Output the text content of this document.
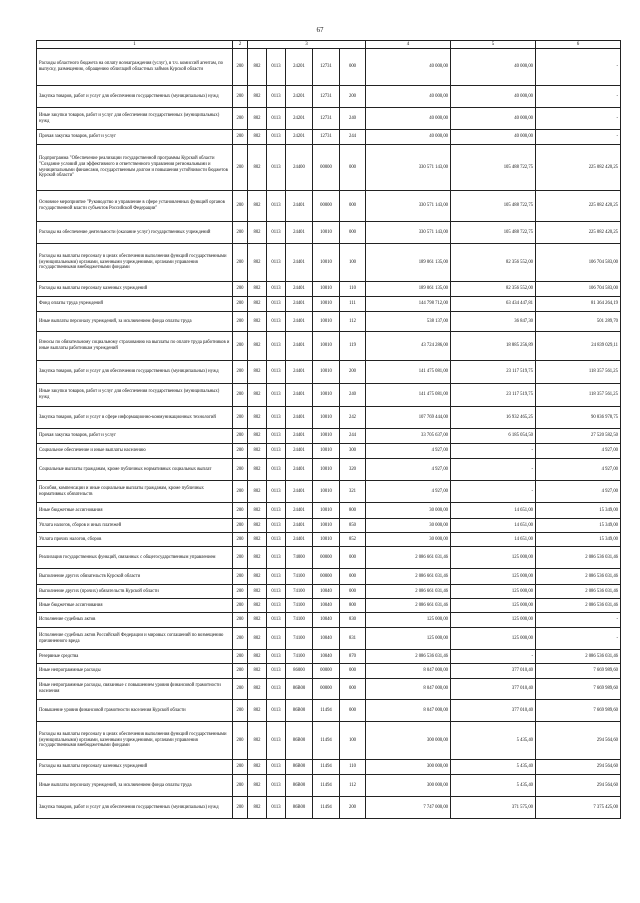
67
1	2	3					4	5	6
Расходы областного бюджета на оплату вознаграждения (услуг), в т.ч. комиссий агентам, по выпуску, размещению, обращению облигаций областных займов Курской области	200	802	0113	24201	12731	000	40 000,00	40 000,00	-
Закупка товаров, работ и услуг для обеспечения государственных (муниципальных) нужд	200	802	0113	24201	12731	200	40 000,00	40 000,00	-
Иные закупки товаров, работ и услуг для обеспечения государственных (муниципальных) нужд	200	802	0113	24201	12731	240	40 000,00	40 000,00	-
Прочая закупка товаров, работ и услуг	200	802	0113	24201	12731	244	40 000,00	40 000,00	-
Подпрограмма "Обеспечение реализации государственной программы Курской области "Создание условий для эффективного и ответственного управления региональными и муниципальными финансами, государственным долгом и повышения устойчивости бюджетов Курской области"	200	802	0113	24400	00000	000	330 571 143,00	105 488 722,75	225 082 420,25
Основное мероприятие "Руководство и управление в сфере установленных функций органов государственной власти субъектов Российской Федерации"	200	802	0113	24401	00000	000	330 571 143,00	105 488 722,75	225 082 420,25
Расходы на обеспечение деятельности (оказание услуг) государственных учреждений	200	802	0113	24401	10010	000	330 571 143,00	105 488 722,75	225 082 420,25
Расходы на выплаты персоналу в целях обеспечения выполнения функций государственными (муниципальными) органами, казенными учреждениями, органами управления государственными внебюджетными фондами	200	802	0113	24401	10010	100	189 061 135,00	82 356 552,00	106 704 583,00
Расходы на выплаты персоналу казенных учреждений	200	802	0113	24401	10010	110	189 061 135,00	82 356 552,00	106 704 583,00
Фонд оплаты труда учреждений	200	802	0113	24401	10010	111	144 798 712,00	63 434 447,81	81 364 264,19
Иные выплаты персоналу учреждений, за исключением фонда оплаты труда	200	802	0113	24401	10010	112	538 137,00	36 847,30	501 289,70
Взносы по обязательному социальному страхованию на выплаты по оплате труда работников и иные выплаты работникам учреждений	200	802	0113	24401	10010	119	43 724 286,00	18 885 256,89	24 839 029,11
Закупка товаров, работ и услуг для обеспечения государственных (муниципальных) нужд	200	802	0113	24401	10010	200	141 475 081,00	23 117 519,75	118 357 561,25
Иные закупки товаров, работ и услуг для обеспечения государственных (муниципальных) нужд	200	802	0113	24401	10010	240	141 475 081,00	23 117 519,75	118 357 561,25
Закупка товаров, работ и услуг в сфере информационно-коммуникационных технологий	200	802	0113	24401	10010	242	107 769 444,00	16 932 465,25	90 836 978,75
Прочая закупка товаров, работ и услуг	200	802	0113	24401	10010	244	33 705 637,00	6 185 054,50	27 520 582,50
Социальное обеспечение и иные выплаты населению	200	802	0113	24401	10010	300	4 927,00	-	4 927,00
Социальные выплаты гражданам, кроме публичных нормативных социальных выплат	200	802	0113	24401	10010	320	4 927,00	-	4 927,00
Пособия, компенсации и иные социальные выплаты гражданам, кроме публичных нормативных обязательств	200	802	0113	24401	10010	321	4 927,00	-	4 927,00
Иные бюджетные ассигнования	200	802	0113	24401	10010	800	30 000,00	14 651,00	15 349,00
Уплата налогов, сборов и иных платежей	200	802	0113	24401	10010	850	30 000,00	14 651,00	15 349,00
Уплата прочих налогов, сборов	200	802	0113	24401	10010	852	30 000,00	14 651,00	15 349,00
Реализация государственных функций, связанных с общегосударственным управлением	200	802	0113	74000	00000	000	2 086 661 031,46	125 000,00	2 086 536 031,46
Выполнение других обязательств Курской области	200	802	0113	74100	00000	000	2 086 661 031,46	125 000,00	2 086 536 031,46
Выполнение других (прочих) обязательств Курской области	200	802	0113	74100	10040	000	2 086 661 031,46	125 000,00	2 086 536 031,46
Иные бюджетные ассигнования	200	802	0113	74100	10040	800	2 086 661 031,46	125 000,00	2 086 536 031,46
Исполнение судебных актов	200	802	0113	74100	10040	830	125 000,00	125 000,00	-
Исполнение судебных актов Российской Федерации и мировых соглашений по возмещению причиненного вреда	200	802	0113	74100	10040	831	125 000,00	125 000,00	-
Резервные средства	200	802	0113	74100	10040	870	2 086 536 031,46	-	2 086 536 031,46
Иные непрограммные расходы	200	802	0113	86000	00000	000	8 047 000,00	377 010,40	7 669 989,60
Иные непрограммные расходы, связанные с повышением уровня финансовой грамотности населения	200	802	0113	86В00	00000	000	8 047 000,00	377 010,40	7 669 989,60
Повышение уровня финансовой грамотности населения Курской области	200	802	0113	86В00	11494	000	8 047 000,00	377 010,40	7 669 989,60
Расходы на выплаты персоналу в целях обеспечения выполнения функций государственными (муниципальными) органами, казенными учреждениями, органами управления государственными внебюджетными фондами	200	802	0113	86В00	11494	100	300 000,00	5 435,40	294 564,60
Расходы на выплаты персоналу казенных учреждений	200	802	0113	86В00	11494	110	300 000,00	5 435,40	294 564,60
Иные выплаты персоналу учреждений, за исключением фонда оплаты труда	200	802	0113	86В00	11494	112	300 000,00	5 435,40	294 564,60
Закупка товаров, работ и услуг для обеспечения государственных (муниципальных) нужд	200	802	0113	86В00	11494	200	7 747 000,00	371 575,00	7 375 425,00
